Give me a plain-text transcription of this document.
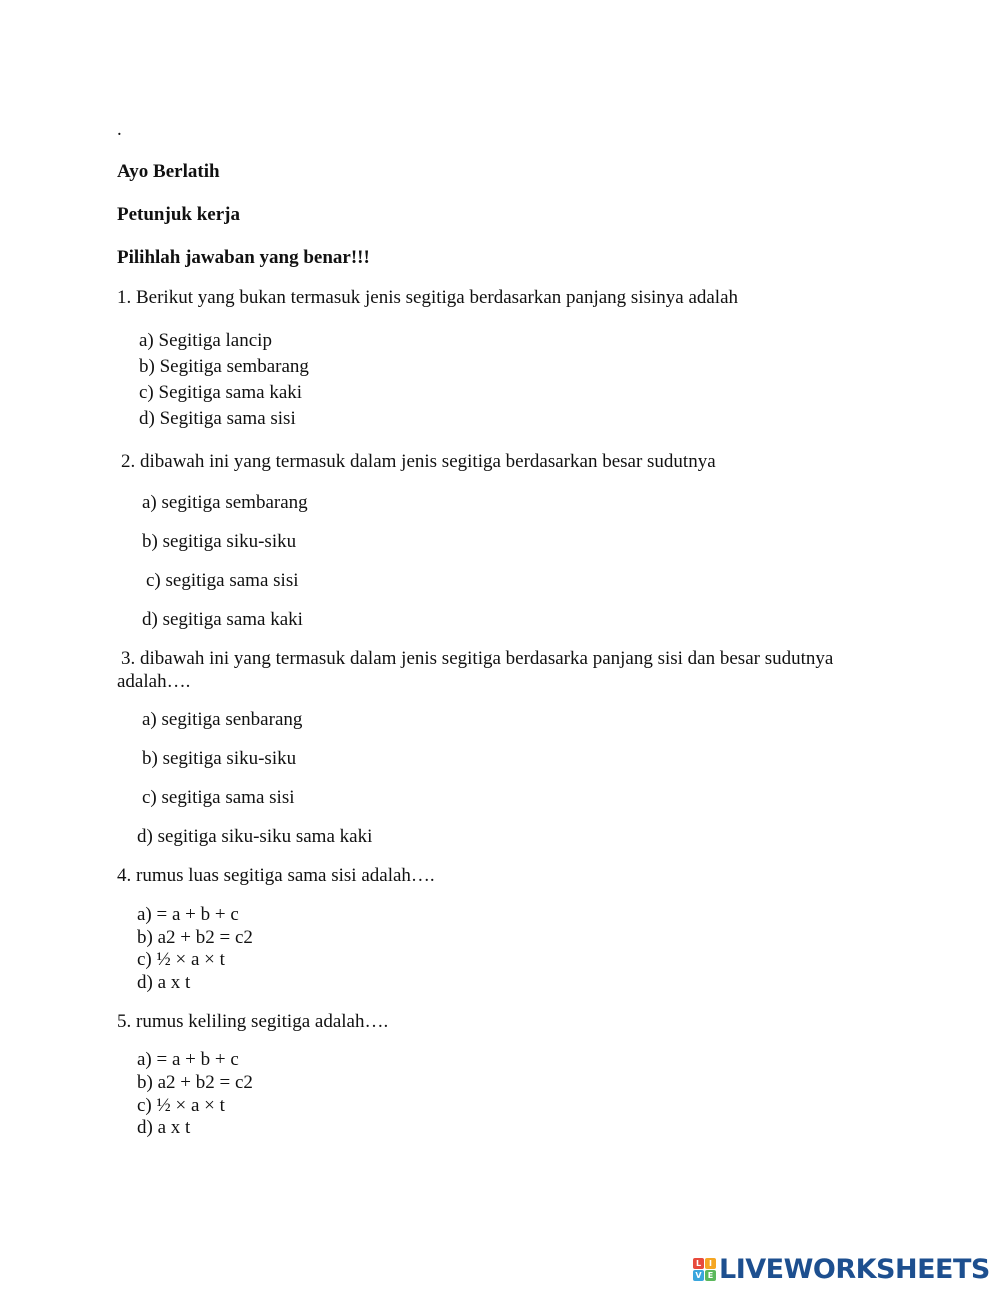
.
Ayo Berlatih
Petunjuk kerja
Pilihlah jawaban yang benar!!!
1. Berikut yang bukan termasuk jenis segitiga berdasarkan panjang sisinya adalah
a) Segitiga lancip
b) Segitiga sembarang
c) Segitiga sama kaki
d) Segitiga sama sisi
2. dibawah ini yang termasuk dalam jenis segitiga berdasarkan besar sudutnya
a) segitiga sembarang
b) segitiga siku-siku
c) segitiga sama sisi
d) segitiga sama kaki
3. dibawah ini yang termasuk dalam jenis segitiga berdasarka panjang sisi dan besar sudutnya
adalah….
a) segitiga senbarang
b) segitiga siku-siku
c) segitiga sama sisi
d) segitiga siku-siku sama kaki
4. rumus luas segitiga sama sisi adalah….
a) = a + b + c
b) a2 + b2 = c2
c) ½ × a × t
d) a x t
5. rumus keliling segitiga adalah….
a) = a + b + c
b) a2 + b2 = c2
c) ½ × a × t
d) a x t
L I
V E LIVEWORKSHEETS
